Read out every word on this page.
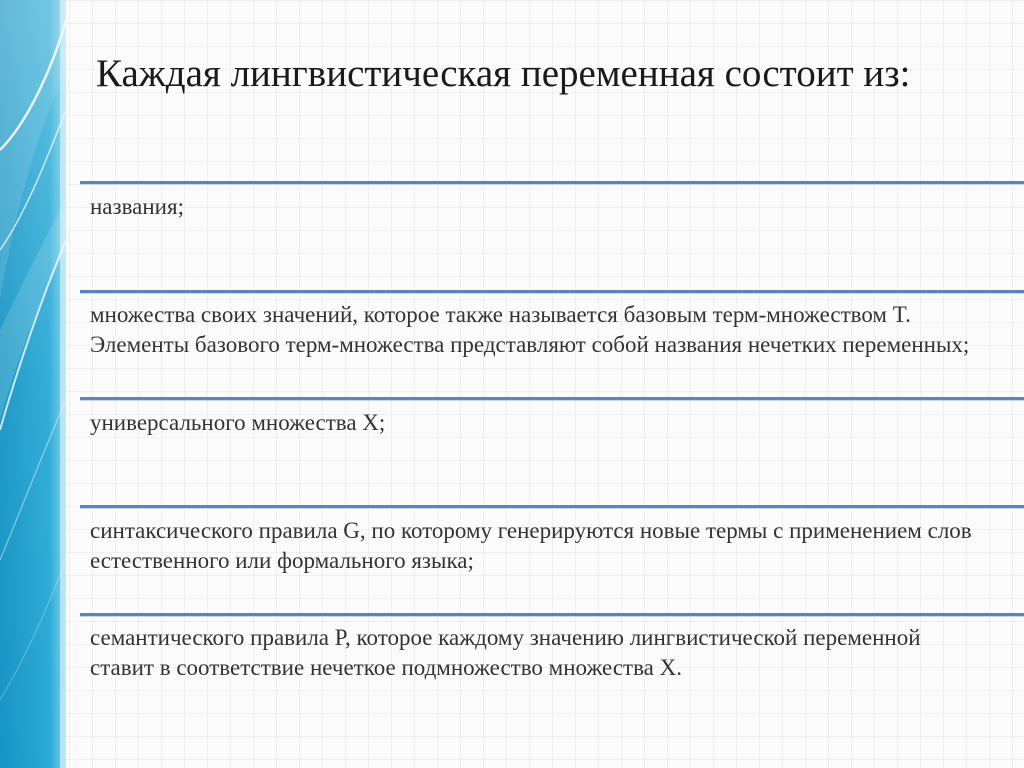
Каждая лингвистическая переменная состоит из:

названия;

множества своих значений, которое также называется базовым терм-множеством T. Элементы базового терм-множества представляют собой названия нечетких переменных;

универсального множества X;

синтаксического правила G, по которому генерируются новые термы с применением слов естественного или формального языка;

семантического правила P, которое каждому значению лингвистической переменной ставит в соответствие нечеткое подмножество множества X.
